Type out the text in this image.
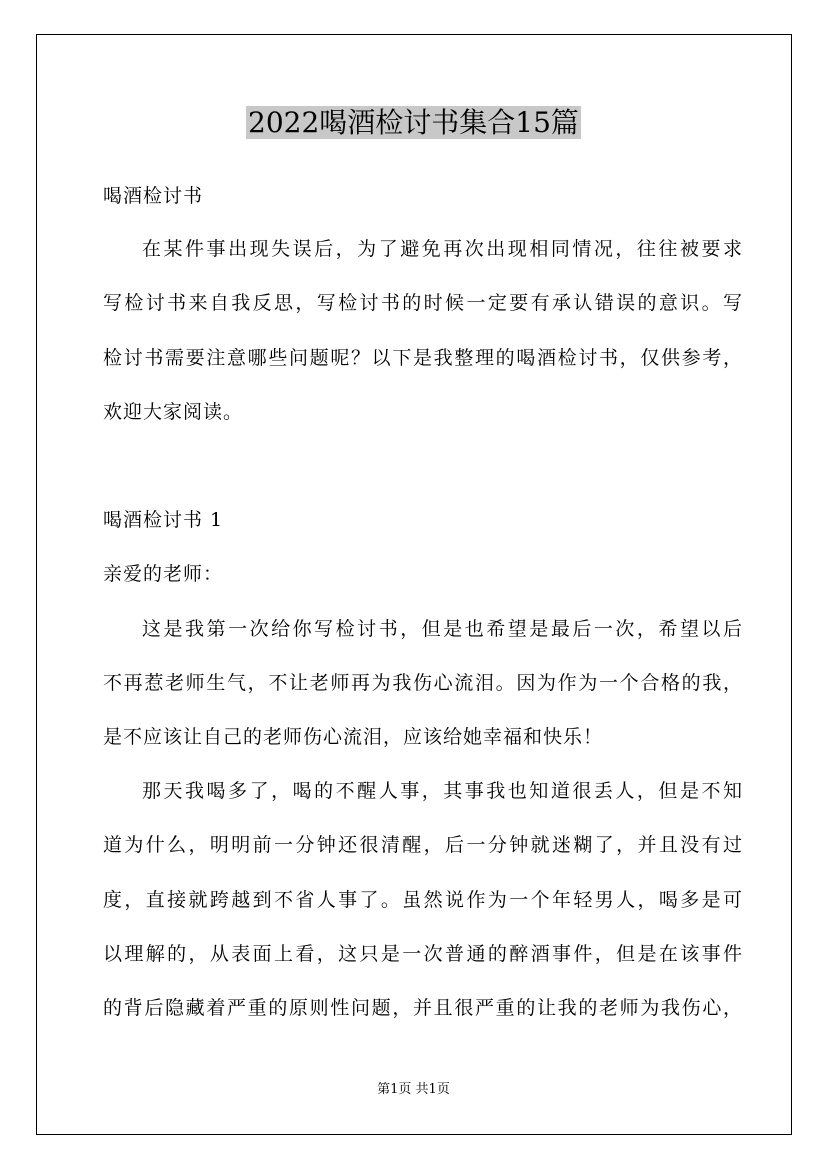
2022喝酒检讨书集合15篇
喝酒检讨书
在某件事出现失误后，为了避免再次出现相同情况，往往被要求
写检讨书来自我反思，写检讨书的时候一定要有承认错误的意识。写
检讨书需要注意哪些问题呢？以下是我整理的喝酒检讨书，仅供参考，
欢迎大家阅读。
喝酒检讨书 1
亲爱的老师：
这是我第一次给你写检讨书，但是也希望是最后一次，希望以后
不再惹老师生气，不让老师再为我伤心流泪。因为作为一个合格的我，
是不应该让自己的老师伤心流泪，应该给她幸福和快乐！
那天我喝多了，喝的不醒人事，其事我也知道很丢人，但是不知
道为什么，明明前一分钟还很清醒，后一分钟就迷糊了，并且没有过
度，直接就跨越到不省人事了。虽然说作为一个年轻男人，喝多是可
以理解的，从表面上看，这只是一次普通的醉酒事件，但是在该事件
的背后隐藏着严重的原则性问题，并且很严重的让我的老师为我伤心，
第1页 共1页
